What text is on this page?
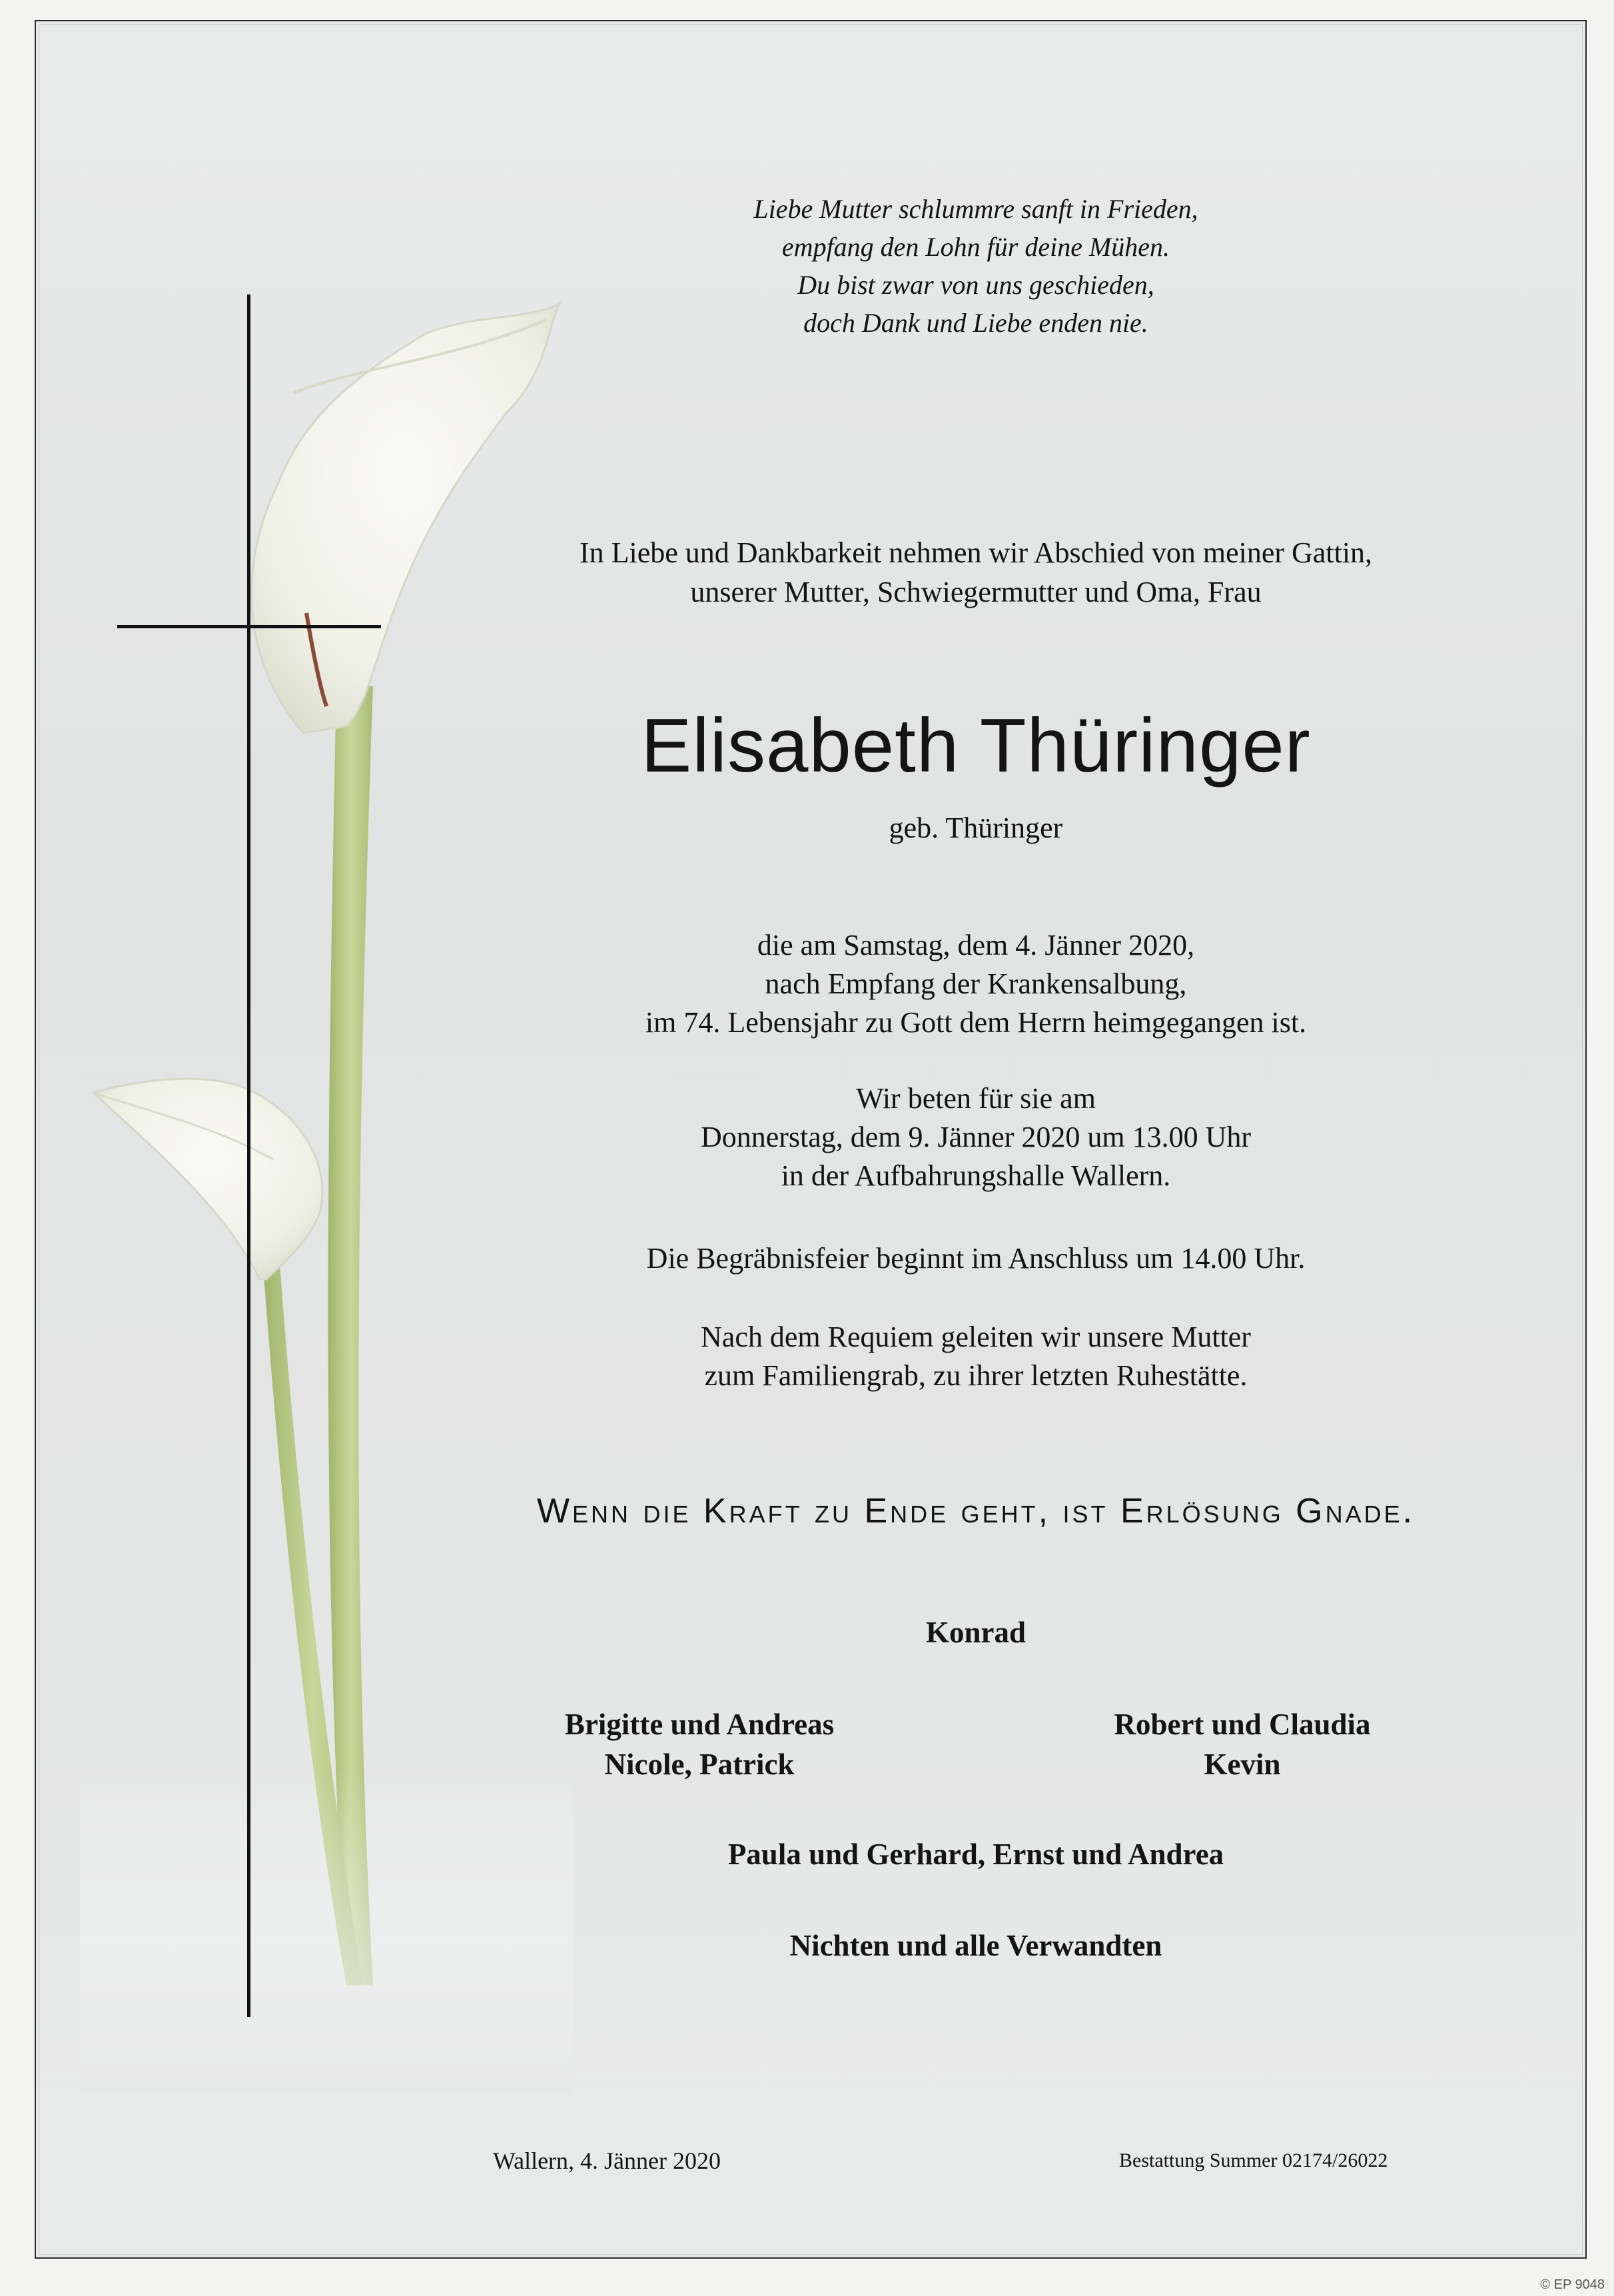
Liebe Mutter schlummre sanft in Frieden,
empfang den Lohn für deine Mühen.
Du bist zwar von uns geschieden,
doch Dank und Liebe enden nie.
In Liebe und Dankbarkeit nehmen wir Abschied von meiner Gattin,
unserer Mutter, Schwiegermutter und Oma, Frau
Elisabeth Thüringer
geb. Thüringer
die am Samstag, dem 4. Jänner 2020,
nach Empfang der Krankensalbung,
im 74. Lebensjahr zu Gott dem Herrn heimgegangen ist.
Wir beten für sie am
Donnerstag, dem 9. Jänner 2020 um 13.00 Uhr
in der Aufbahrungshalle Wallern.
Die Begräbnisfeier beginnt im Anschluss um 14.00 Uhr.
Nach dem Requiem geleiten wir unsere Mutter
zum Familiengrab, zu ihrer letzten Ruhestätte.
Wenn die Kraft zu Ende geht, ist Erlösung Gnade.
Konrad
Brigitte und Andreas
Nicole, Patrick
Robert und Claudia
Kevin
Paula und Gerhard, Ernst und Andrea
Nichten und alle Verwandten
Wallern, 4. Jänner 2020	Bestattung Summer 02174/26022
© EP 9048
